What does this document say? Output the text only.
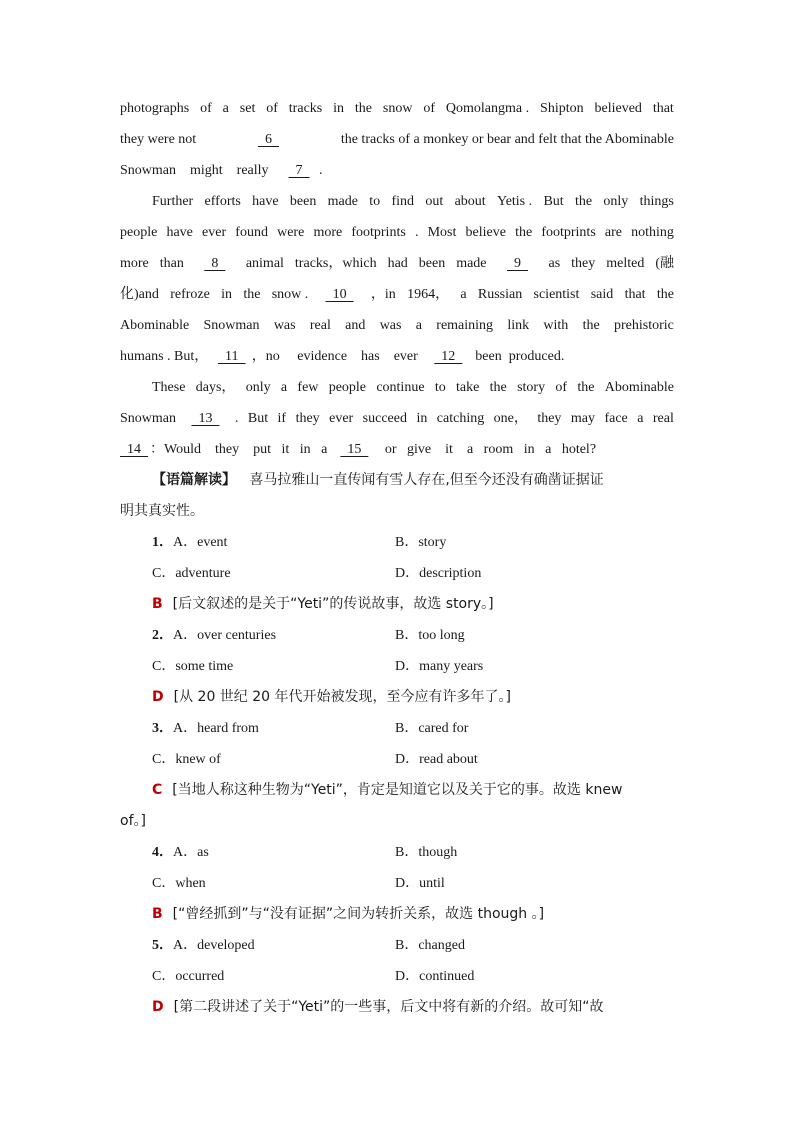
photographs of a set of tracks in the snow of Qomolangma . Shipton believed that
they were not	6	the tracks of a monkey or bear and felt that the Abominable
Snowman might really     7  .
Further efforts have been made to find out about Yetis . But the only things
people have ever found were more footprints . Most believe the footprints are nothing
more than	8	animal tracks，which had been made	9	as they melted (融
化)and refroze in the snow .	10	，in 1964， a Russian scientist said that the
Abominable Snowman was real and was a remaining link with the prehistoric
humans . But，   11  ，no evidence has ever     12    been produced.
These days， only a few people continue to take the story of the Abominable
Snowman	13	. But if they ever succeed in catching one， they may face a real
14  ：Would they put it in a    15     or give it a room in a hotel?
【语篇解读】 喜马拉雅山一直传闻有雪人存在,但至今还没有确凿证据证
明其真实性。
1．A．event	B．story
C．adventure	D．description
B [后文叙述的是关于“Yeti”的传说故事，故选 story。]
2．A．over centuries	B．too long
C．some time	D．many years
D [从 20 世纪 20 年代开始被发现，至今应有许多年了。]
3．A．heard from	B．cared for
C．knew of	D．read about
C [当地人称这种生物为“Yeti”，肯定是知道它以及关于它的事。故选 knew
of。]
4．A．as	B．though
C．when	D．until
B [“曾经抓到”与“没有证据”之间为转折关系，故选 though 。]
5．A．developed	B．changed
C．occurred	D．continued
D [第二段讲述了关于“Yeti”的一些事，后文中将有新的介绍。故可知“故
